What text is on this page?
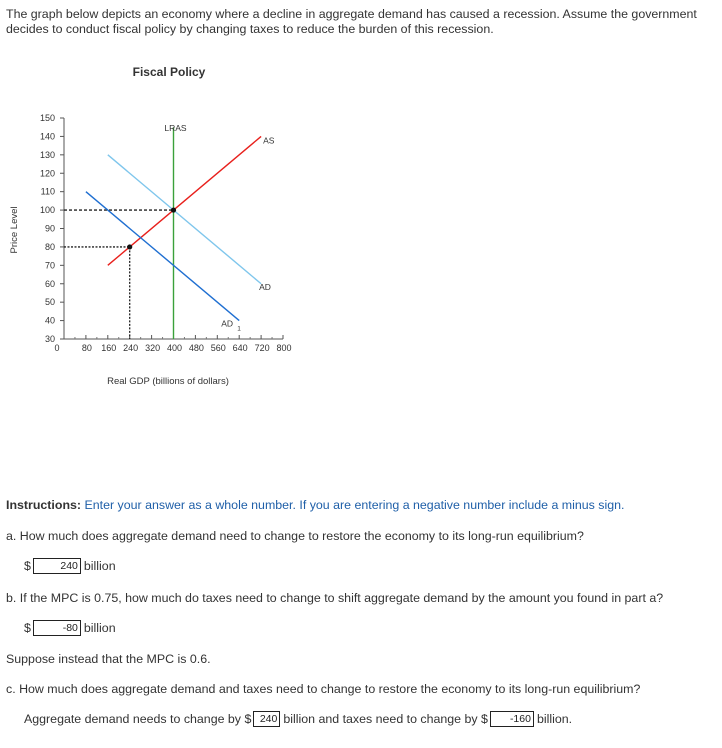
The graph below depicts an economy where a decline in aggregate demand has caused a recession. Assume the government decides to conduct fiscal policy by changing taxes to reduce the burden of this recession.
Fiscal Policy
30
40
50
60
70
80
90
100
110
120
130
140
150
0 80 160 240 320 400 480 560 640 720 800
LRAS
AS
AD
AD
1
Real GDP (billions of dollars)
Price Level
Instructions: Enter your answer as a whole number. If you are entering a negative number include a minus sign.
a. How much does aggregate demand need to change to restore the economy to its long-run equilibrium?
$	240 billion
b. If the MPC is 0.75, how much do taxes need to change to shift aggregate demand by the amount you found in part a?
$	-80 billion
Suppose instead that the MPC is 0.6.
c. How much does aggregate demand and taxes need to change to restore the economy to its long-run equilibrium?
Aggregate demand needs to change by $ 240 billion and taxes need to change by $	-160 billion.
